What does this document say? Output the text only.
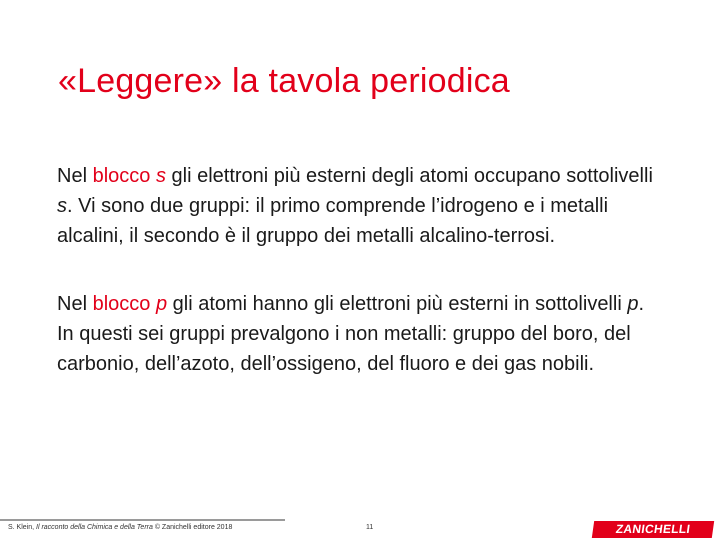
«Leggere» la tavola periodica

Nel blocco s gli elettroni più esterni degli atomi occupano sottolivelli s. Vi sono due gruppi: il primo comprende l’idrogeno e i metalli alcalini, il secondo è il gruppo dei metalli alcalino-terrosi.

Nel blocco p gli atomi hanno gli elettroni più esterni in sottolivelli p. In questi sei gruppi prevalgono i non metalli: gruppo del boro, del carbonio, dell’azoto, dell’ossigeno, del fluoro e dei gas nobili.

S. Klein, Il racconto della Chimica e della Terra © Zanichelli editore 2018	11	ZANICHELLI
